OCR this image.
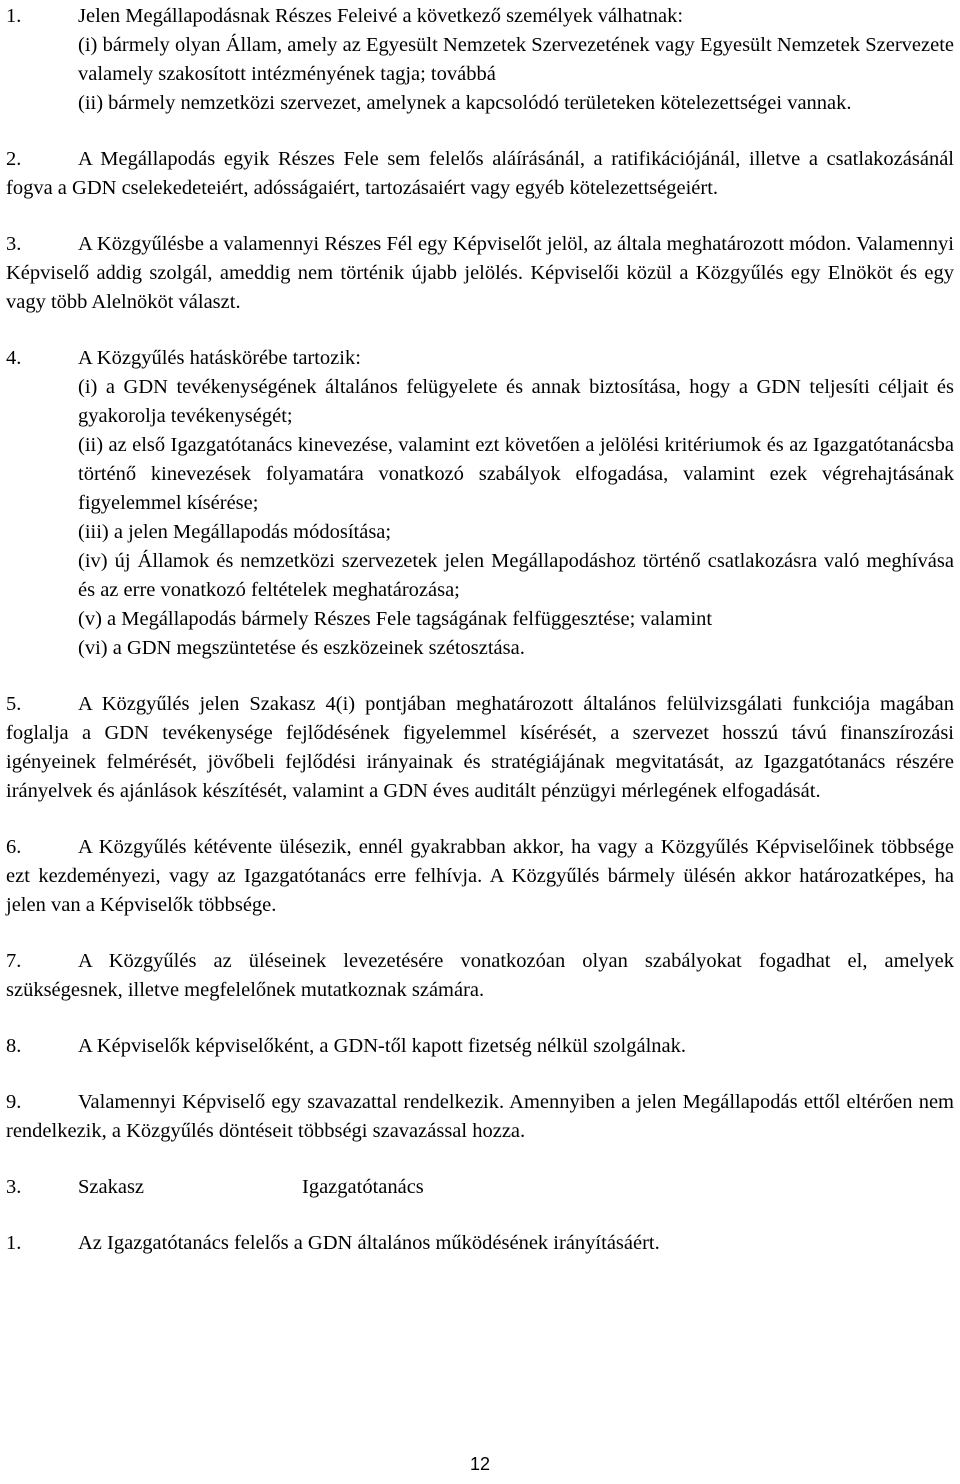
1.	Jelen Megállapodásnak Részes Feleivé a következő személyek válhatnak:

(i) bármely olyan Állam, amely az Egyesült Nemzetek Szervezetének vagy Egyesült Nemzetek Szervezete valamely szakosított intézményének tagja; továbbá

(ii) bármely nemzetközi szervezet, amelynek a kapcsolódó területeken kötelezettségei vannak.

2.	A Megállapodás egyik Részes Fele sem felelős aláírásánál, a ratifikációjánál, illetve a csatlakozásánál fogva a GDN cselekedeteiért, adósságaiért, tartozásaiért vagy egyéb kötelezettségeiért.

3.	A Közgyűlésbe a valamennyi Részes Fél egy Képviselőt jelöl, az általa meghatározott módon. Valamennyi Képviselő addig szolgál, ameddig nem történik újabb jelölés. Képviselői közül a Közgyűlés egy Elnököt és egy vagy több Alelnököt választ.

4.	A Közgyűlés hatáskörébe tartozik:

(i) a GDN tevékenységének általános felügyelete és annak biztosítása, hogy a GDN teljesíti céljait és gyakorolja tevékenységét;

(ii) az első Igazgatótanács kinevezése, valamint ezt követően a jelölési kritériumok és az Igazgatótanácsba történő kinevezések folyamatára vonatkozó szabályok elfogadása, valamint ezek végrehajtásának figyelemmel kísérése;

(iii) a jelen Megállapodás módosítása;

(iv) új Államok és nemzetközi szervezetek jelen Megállapodáshoz történő csatlakozásra való meghívása és az erre vonatkozó feltételek meghatározása;

(v) a Megállapodás bármely Részes Fele tagságának felfüggesztése; valamint

(vi) a GDN megszüntetése és eszközeinek szétosztása.

5.	A Közgyűlés jelen Szakasz 4(i) pontjában meghatározott általános felülvizsgálati funkciója magában foglalja a GDN tevékenysége fejlődésének figyelemmel kísérését, a szervezet hosszú távú finanszírozási igényeinek felmérését, jövőbeli fejlődési irányainak és stratégiájának megvitatását, az Igazgatótanács részére irányelvek és ajánlások készítését, valamint a GDN éves auditált pénzügyi mérlegének elfogadását.

6.	A Közgyűlés kétévente ülésezik, ennél gyakrabban akkor, ha vagy a Közgyűlés Képviselőinek többsége ezt kezdeményezi, vagy az Igazgatótanács erre felhívja. A Közgyűlés bármely ülésén akkor határozatképes, ha jelen van a Képviselők többsége.

7.	A Közgyűlés az üléseinek levezetésére vonatkozóan olyan szabályokat fogadhat el, amelyek szükségesnek, illetve megfelelőnek mutatkoznak számára.

8.	A Képviselők képviselőként, a GDN-től kapott fizetség nélkül szolgálnak.

9.	Valamennyi Képviselő egy szavazattal rendelkezik. Amennyiben a jelen Megállapodás ettől eltérően nem rendelkezik, a Közgyűlés döntéseit többségi szavazással hozza.

3.	Szakasz	Igazgatótanács

1.	Az Igazgatótanács felelős a GDN általános működésének irányításáért.

12
